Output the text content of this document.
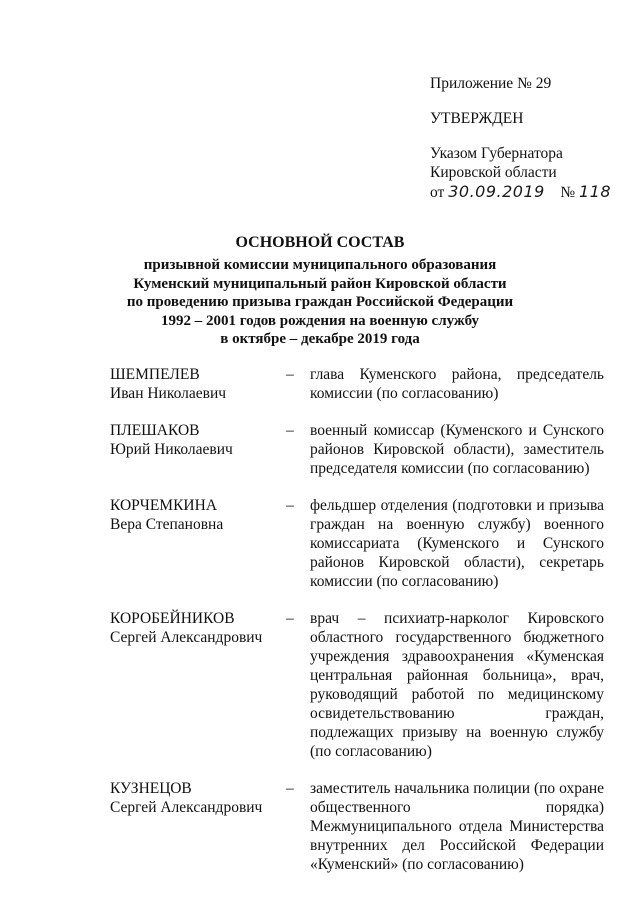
Приложение № 29
УТВЕРЖДЕН
Указом Губернатора
Кировской области
от 30.09.2019 № 118
ОСНОВНОЙ СОСТАВ
призывной комиссии муниципального образования
Куменский муниципальный район Кировской области
по проведению призыва граждан Российской Федерации
1992 – 2001 годов рождения на военную службу
в октябре – декабре 2019 года
ШЕМПЕЛЕВ
Иван Николаевич
–	глава Куменского района, председатель комиссии (по согласованию)
ПЛЕШАКОВ
Юрий Николаевич
–	военный комиссар (Куменского и Сунского районов Кировской области), заместитель председателя комиссии (по согласованию)
КОРЧЕМКИНА
Вера Степановна
–	фельдшер отделения (подготовки и призыва граждан на военную службу) военного комиссариата (Куменского и Сунского районов Кировской области), секретарь комиссии (по согласованию)
КОРОБЕЙНИКОВ
Сергей Александрович
–	врач – психиатр-нарколог Кировского областного государственного бюджетного учреждения здравоохранения «Куменская центральная районная больница», врач, руководящий работой по медицинскому освидетельствованию граждан, подлежащих призыву на военную службу (по согласованию)
КУЗНЕЦОВ
Сергей Александрович
–	заместитель начальника полиции (по охране общественного порядка) Межмуниципального отдела Министерства внутренних дел Российской Федерации «Куменский» (по согласованию)
